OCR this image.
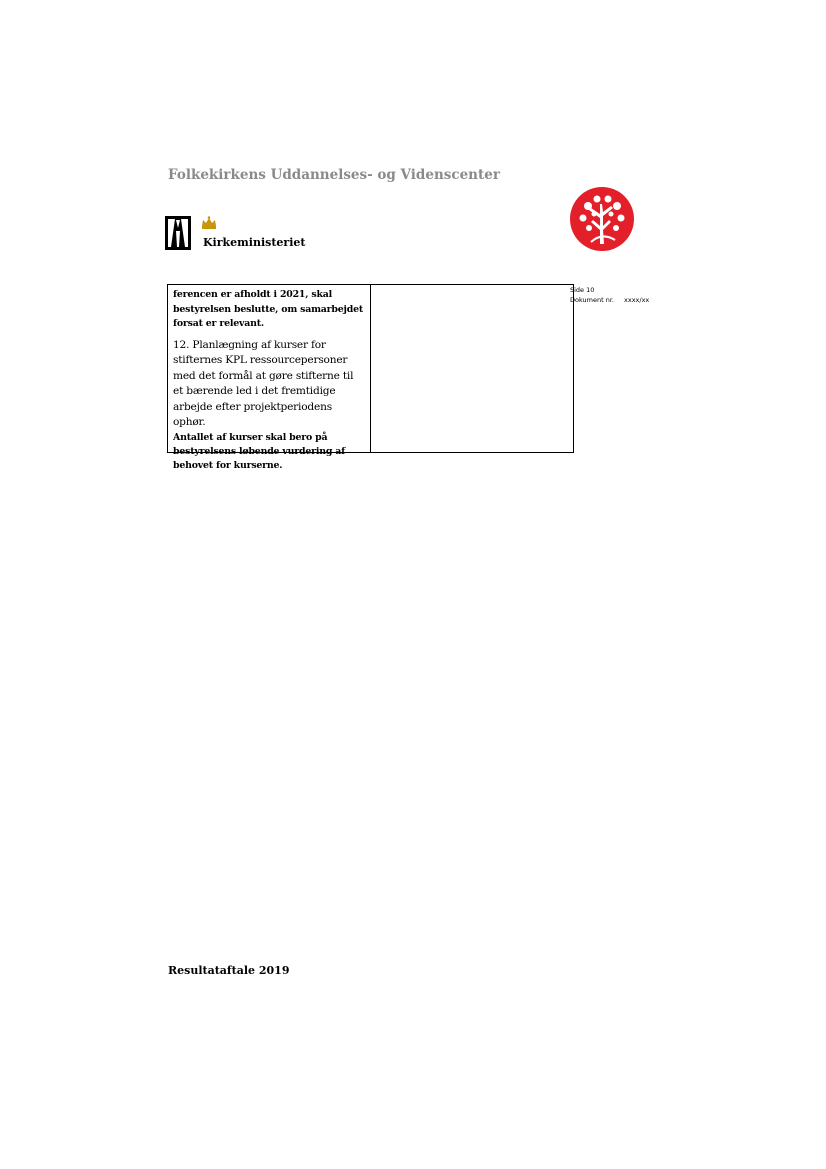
Folkekirkens Uddannelses- og Videnscenter
Kirkeministeriet
Side 10
Dokument nr. xxxx/xx

ferencen er afholdt i 2021, skal bestyrelsen beslutte, om samarbejdet forsat er relevant.

12. Planlægning af kurser for stifternes KPL ressourcepersoner med det formål at gøre stifterne til et bærende led i det fremtidige arbejde efter projektperiodens ophør.

Antallet af kurser skal bero på bestyrelsens løbende vurdering af behovet for kurserne.

Resultataftale 2019
